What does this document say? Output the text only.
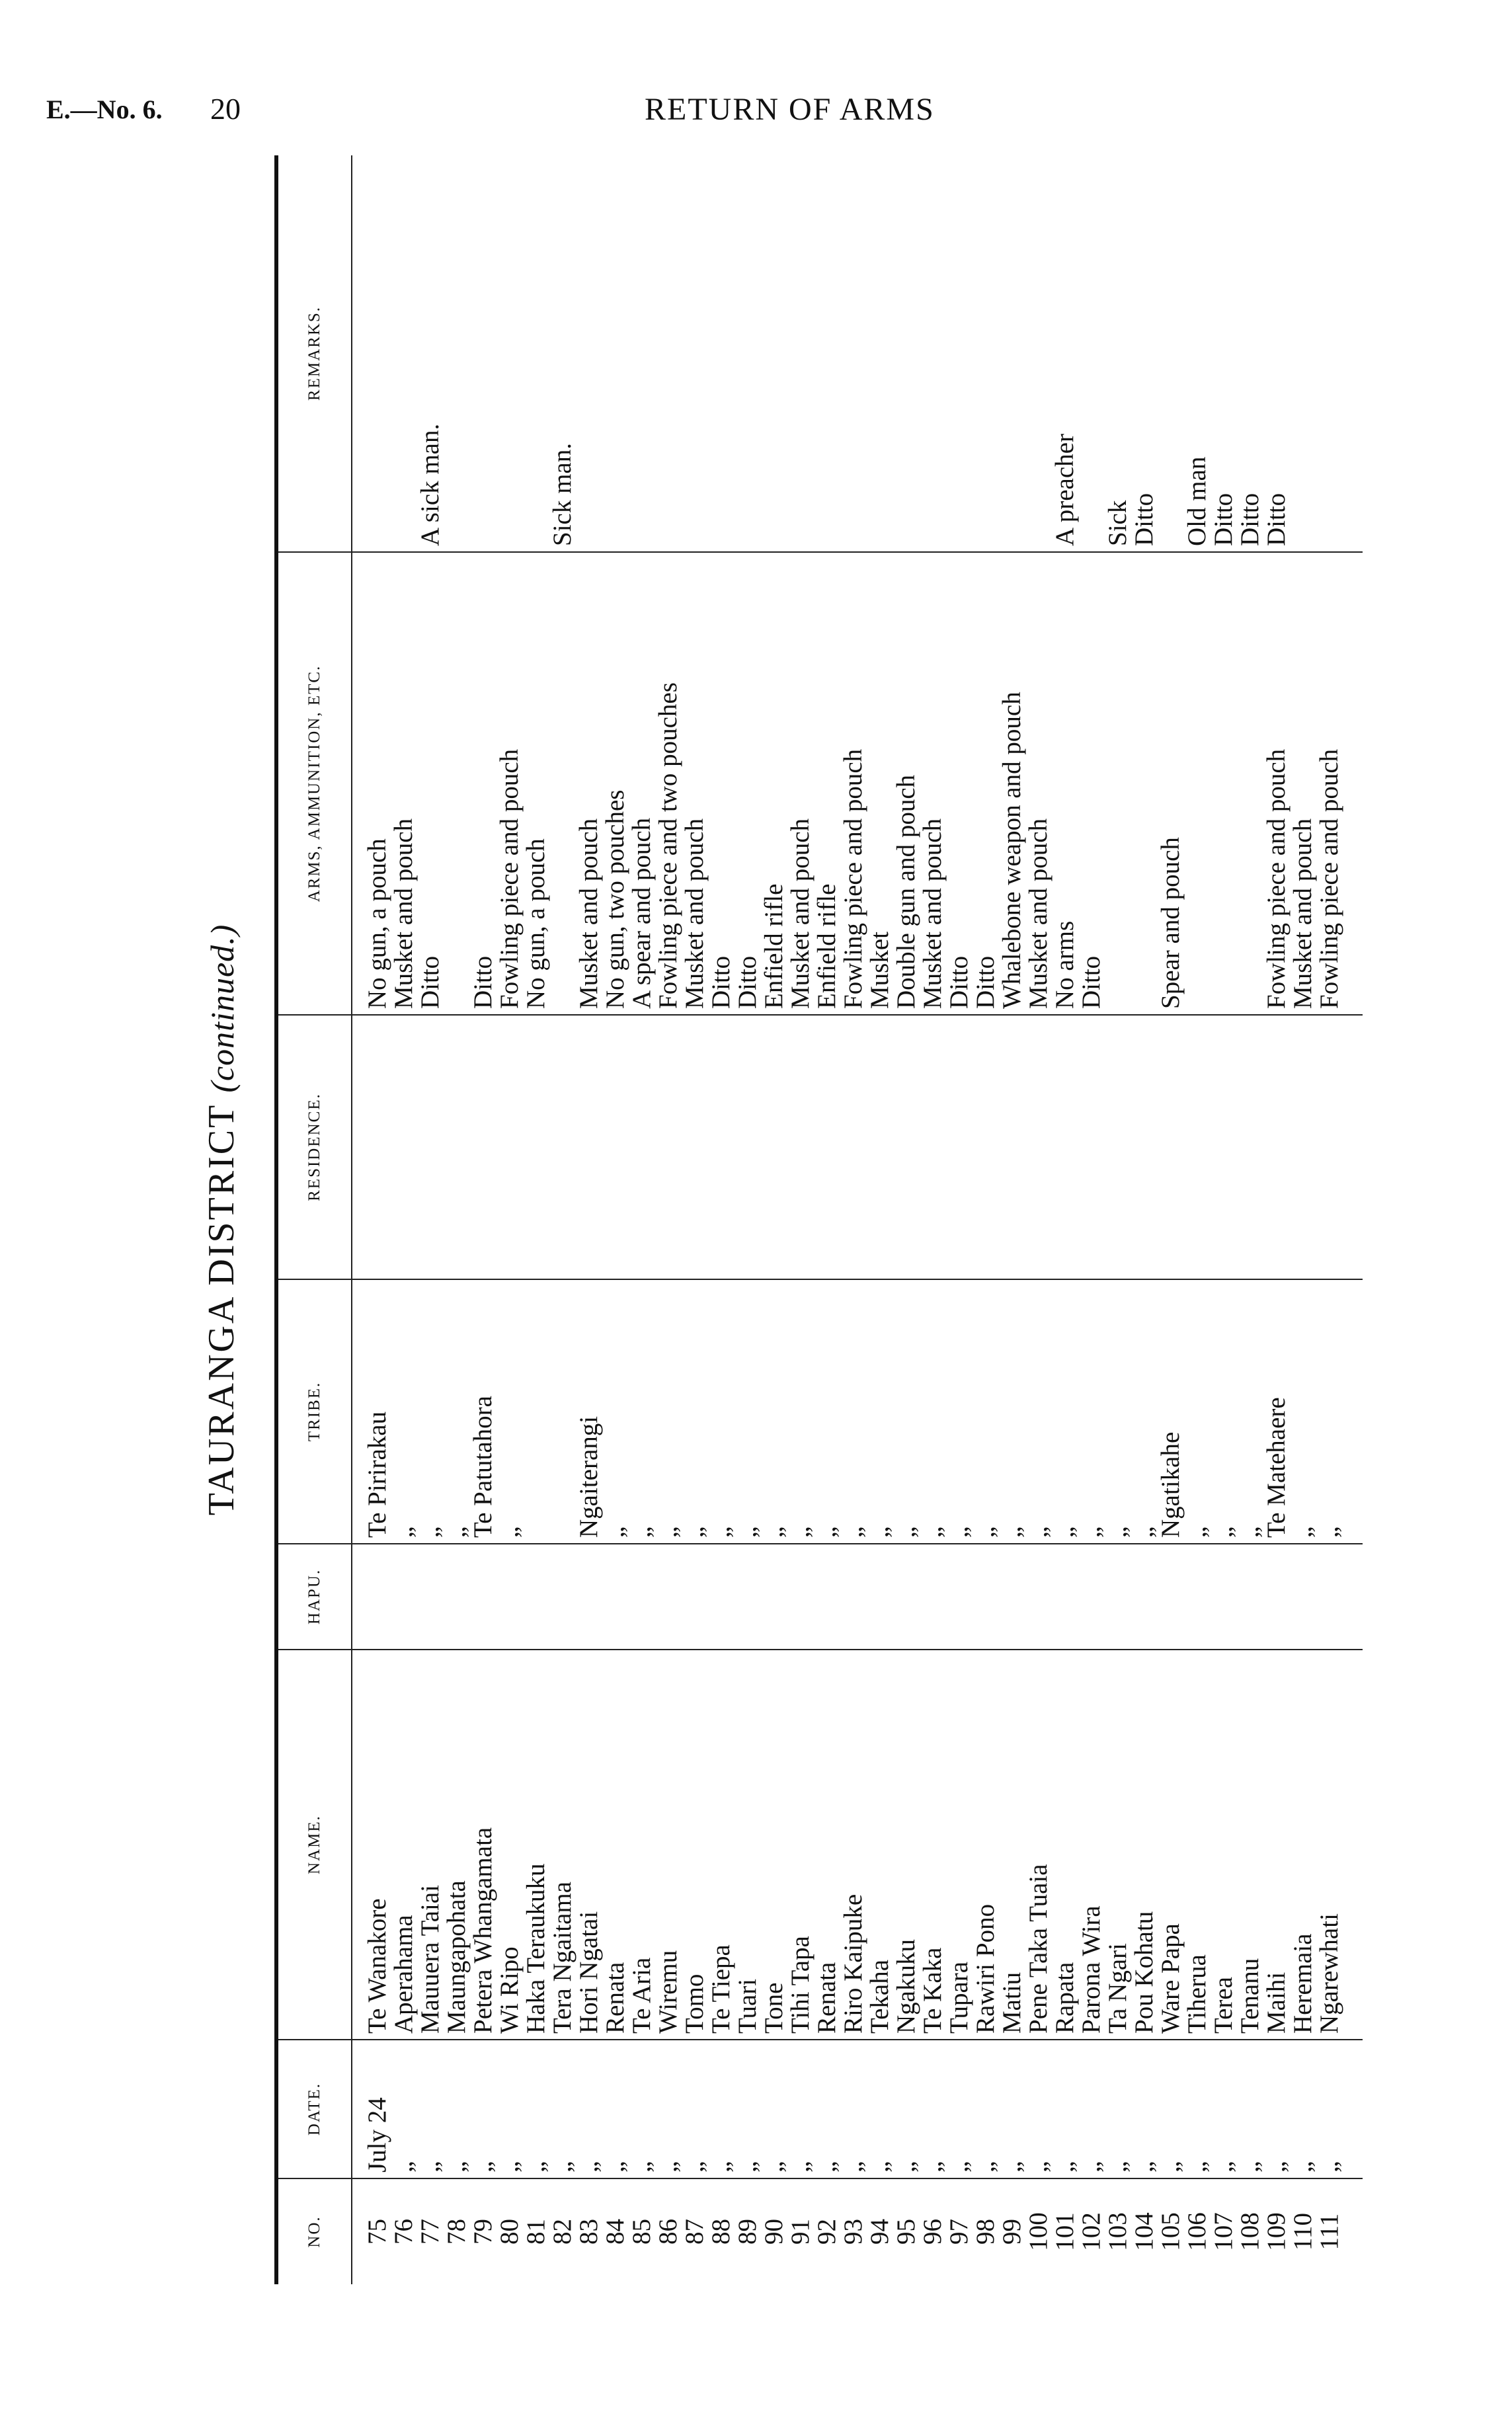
E.—No. 6. 20	RETURN OF ARMS
TAURANGA DISTRICT (continued.)
NO.	DATE.	NAME.	HAPU.	TRIBE.	RESIDENCE.	ARMS, AMMUNITION, ETC.	REMARKS.
75	July 24	Te Wanakore		Te Pirirakau		No gun, a pouch	
76	„	Aperahama		„		Musket and pouch	
77	„	Mauuera Taiai		„		Ditto	A sick man.
78	„	Maungapohata		„			
79	„	Petera Whangamata		Te Patutahora		Ditto	
80	„	Wi Ripo		„		Fowling piece and pouch	
81	„	Haka Teraukuku				No gun, a pouch	
82	„	Tera Ngaitama					Sick man.
83	„	Hori Ngatai		Ngaiterangi		Musket and pouch	
84	„	Renata		„		No gun, two pouches	
85	„	Te Aria		„		A spear and pouch	
86	„	Wiremu		„		Fowling piece and two pouches	
87	„	Tomo		„		Musket and pouch	
88	„	Te Tiepa		„		Ditto	
89	„	Tuari		„		Ditto	
90	„	Tone		„		Enfield rifle	
91	„	Tihi Tapa		„		Musket and pouch	
92	„	Renata		„		Enfield rifle	
93	„	Riro Kaipuke		„		Fowling piece and pouch	
94	„	Tekaha		„		Musket	
95	„	Ngakuku		„		Double gun and pouch	
96	„	Te Kaka		„		Musket and pouch	
97	„	Tupara		„		Ditto	
98	„	Rawiri Pono		„		Ditto	
99	„	Matiu		„		Whalebone weapon and pouch	
100	„	Pene Taka Tuaia		„		Musket and pouch	
101	„	Rapata		„		No arms	A preacher
102	„	Parona Wira		„		Ditto	
103	„	Ta Ngari		„			Sick
104	„	Pou Kohatu		„			Ditto
105	„	Ware Papa		Ngatikahe		Spear and pouch	
106	„	Tiherua		„			Old man
107	„	Terea		„			Ditto
108	„	Tenanu		„			Ditto
109	„	Maihi		Te Matehaere		Fowling piece and pouch	Ditto
110	„	Heremaia		„		Musket and pouch	
111	„	Ngarewhati		„		Fowling piece and pouch	
